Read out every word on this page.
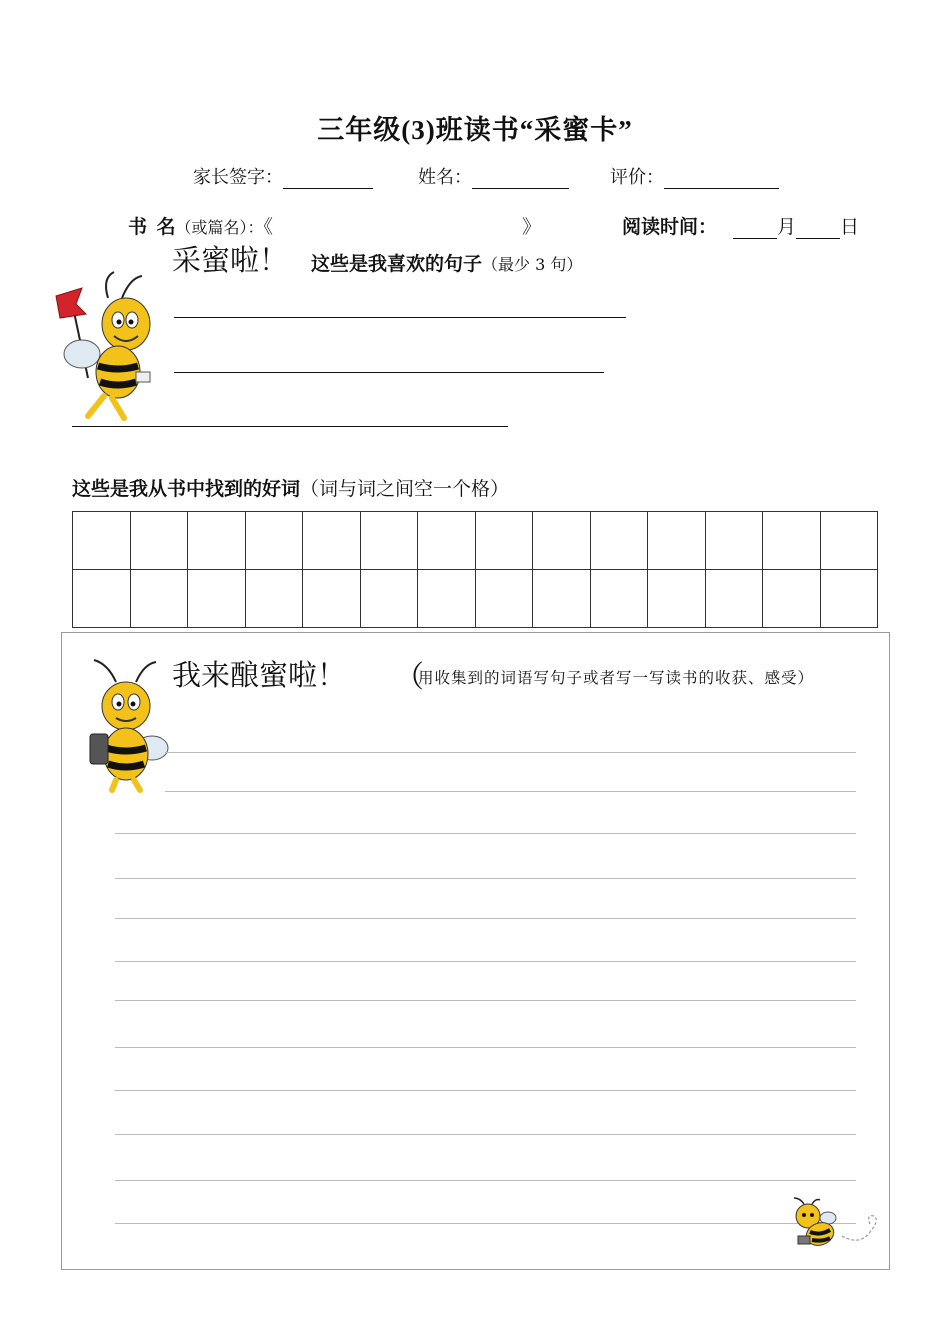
三年级(3)班读书“采蜜卡”
家长签字：	姓名：	评价：
书  名（或篇名）：《	》	阅读时间：	月 日
采蜜啦！ 这些是我喜欢的句子（最少 3 句）
这些是我从书中找到的好词（词与词之间空一个格）

我来酿蜜啦！ （
用收集到的词语写句子或者写一写读书的收获、感受）
